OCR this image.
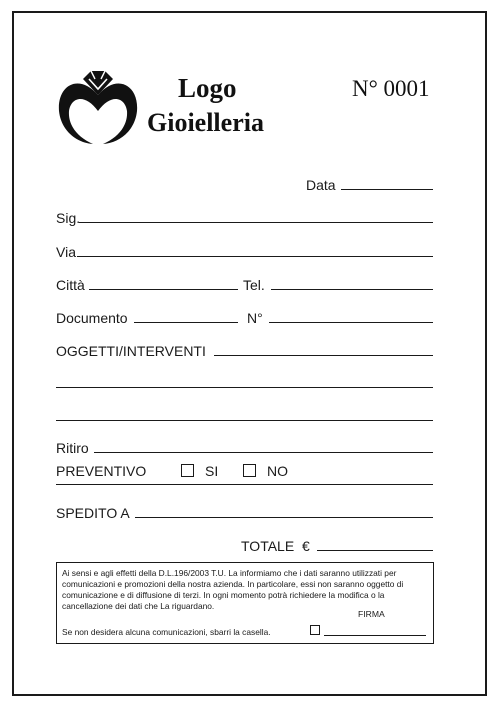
Logo
Gioielleria
N° 0001
Data
Sig.
Via
Città	Tel.
Documento	N°
OGGETTI/INTERVENTI
Ritiro
PREVENTIVO	SI	NO
SPEDITO A
TOTALE  €
Ai sensi e agli effetti della D.L.196/2003 T.U. La informiamo che i dati saranno utilizzati per comunicazioni e promozioni della nostra azienda. In particolare, essi non saranno oggetto di comunicazione e di diffusione di terzi. In ogni momento potrà richiedere la modifica o la cancellazione dei dati che La riguardano.
FIRMA
Se non desidera alcuna comunicazioni, sbarri la casella.
